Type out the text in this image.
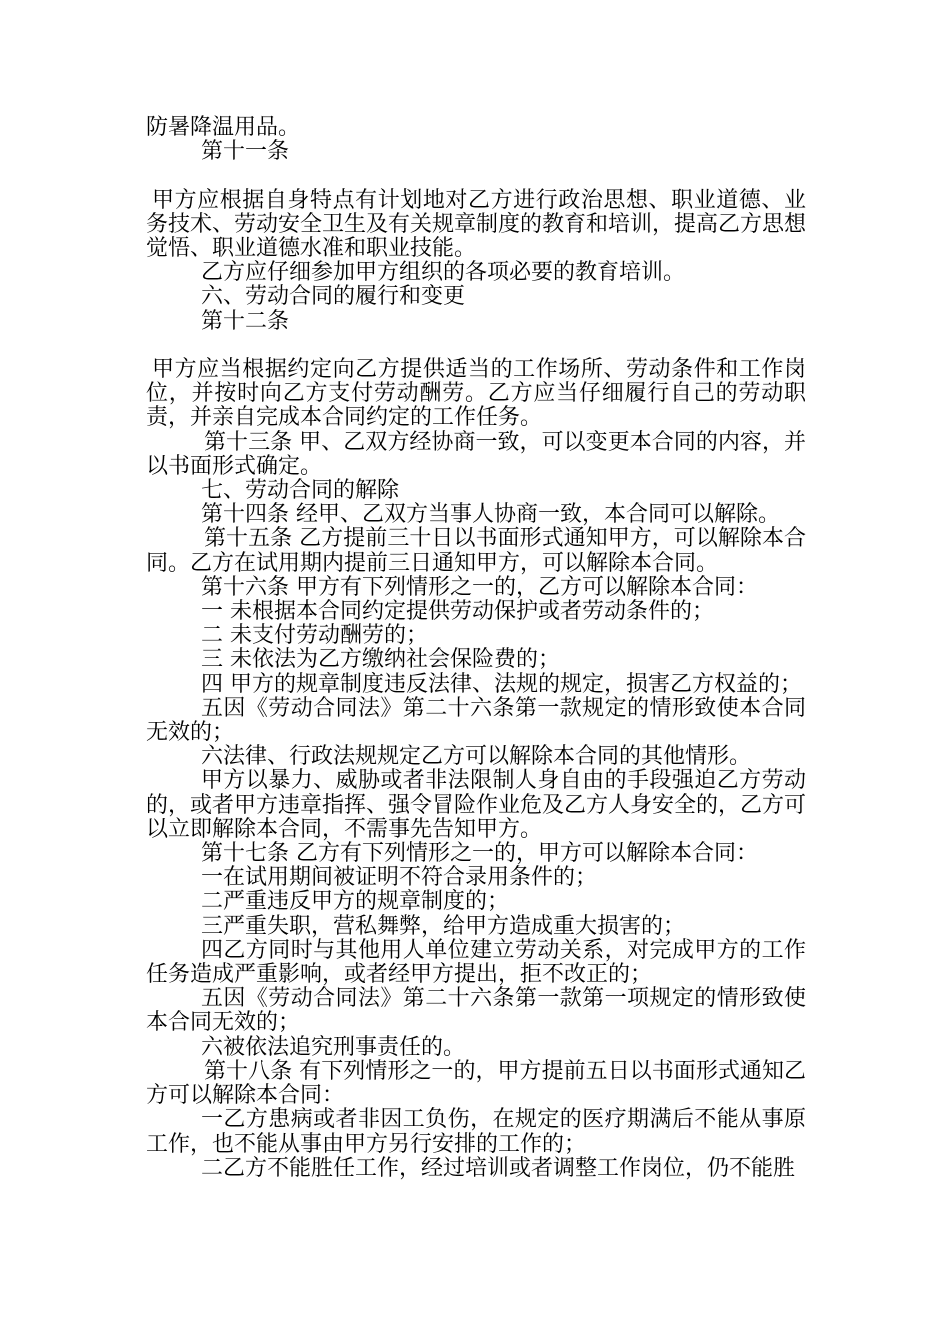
防暑降温用品。

第十一条

甲方应根据自身特点有计划地对乙方进行政治思想、职业道德、业务技术、劳动安全卫生及有关规章制度的教育和培训，提高乙方思想觉悟、职业道德水准和职业技能。

乙方应仔细参加甲方组织的各项必要的教育培训。

六、劳动合同的履行和变更

第十二条

甲方应当根据约定向乙方提供适当的工作场所、劳动条件和工作岗位，并按时向乙方支付劳动酬劳。乙方应当仔细履行自己的劳动职责，并亲自完成本合同约定的工作任务。

第十三条 甲、乙双方经协商一致，可以变更本合同的内容，并以书面形式确定。

七、劳动合同的解除

第十四条 经甲、乙双方当事人协商一致，本合同可以解除。

第十五条 乙方提前三十日以书面形式通知甲方，可以解除本合同。乙方在试用期内提前三日通知甲方，可以解除本合同。

第十六条 甲方有下列情形之一的，乙方可以解除本合同：

一 未根据本合同约定提供劳动保护或者劳动条件的；

二 未支付劳动酬劳的；

三 未依法为乙方缴纳社会保险费的；

四 甲方的规章制度违反法律、法规的规定，损害乙方权益的；

五因《劳动合同法》第二十六条第一款规定的情形致使本合同无效的；

六法律、行政法规规定乙方可以解除本合同的其他情形。

甲方以暴力、威胁或者非法限制人身自由的手段强迫乙方劳动的，或者甲方违章指挥、强令冒险作业危及乙方人身安全的，乙方可以立即解除本合同，不需事先告知甲方。

第十七条 乙方有下列情形之一的，甲方可以解除本合同：

一在试用期间被证明不符合录用条件的；

二严重违反甲方的规章制度的；

三严重失职，营私舞弊，给甲方造成重大损害的；

四乙方同时与其他用人单位建立劳动关系，对完成甲方的工作任务造成严重影响，或者经甲方提出，拒不改正的；

五因《劳动合同法》第二十六条第一款第一项规定的情形致使本合同无效的；

六被依法追究刑事责任的。

第十八条 有下列情形之一的，甲方提前五日以书面形式通知乙方可以解除本合同：

一乙方患病或者非因工负伤，在规定的医疗期满后不能从事原工作，也不能从事由甲方另行安排的工作的；

二乙方不能胜任工作，经过培训或者调整工作岗位，仍不能胜
